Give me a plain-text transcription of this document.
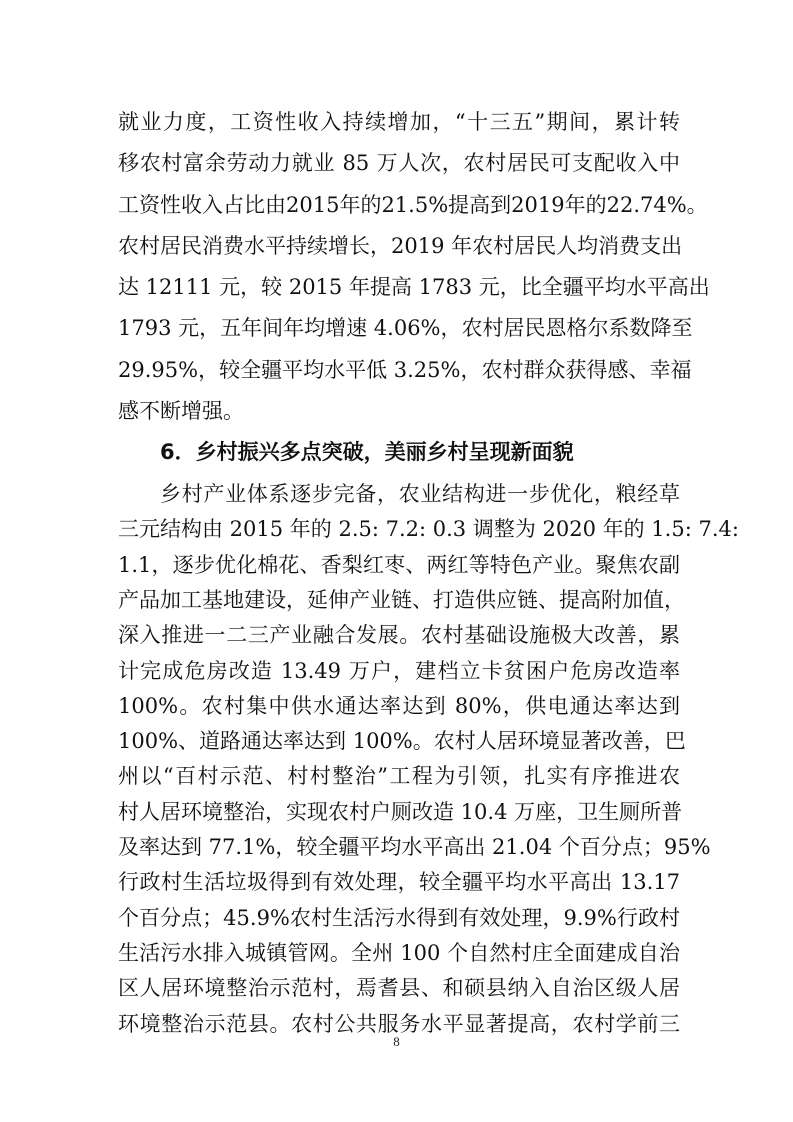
就业力度，工资性收入持续增加，“十三五”期间，累计转
移农村富余劳动力就业 85 万人次，农村居民可支配收入中
工资性收入占比由2015年的21.5%提高到2019年的22.74%。
农村居民消费水平持续增长，2019 年农村居民人均消费支出
达 12111 元，较 2015 年提高 1783 元，比全疆平均水平高出
1793 元，五年间年均增速 4.06%，农村居民恩格尔系数降至
29.95%，较全疆平均水平低 3.25%，农村群众获得感、幸福
感不断增强。
6．乡村振兴多点突破，美丽乡村呈现新面貌
乡村产业体系逐步完备，农业结构进一步优化，粮经草
三元结构由 2015 年的 2.5: 7.2: 0.3 调整为 2020 年的 1.5: 7.4:
1.1，逐步优化棉花、香梨红枣、两红等特色产业。聚焦农副
产品加工基地建设，延伸产业链、打造供应链、提高附加值，
深入推进一二三产业融合发展。农村基础设施极大改善，累
计完成危房改造 13.49 万户，建档立卡贫困户危房改造率
100%。农村集中供水通达率达到 80%，供电通达率达到
100%、道路通达率达到 100%。农村人居环境显著改善，巴
州以“百村示范、村村整治”工程为引领，扎实有序推进农
村人居环境整治，实现农村户厕改造 10.4 万座，卫生厕所普
及率达到 77.1%，较全疆平均水平高出 21.04 个百分点；95%
行政村生活垃圾得到有效处理，较全疆平均水平高出 13.17
个百分点；45.9%农村生活污水得到有效处理，9.9%行政村
生活污水排入城镇管网。全州 100 个自然村庄全面建成自治
区人居环境整治示范村，焉耆县、和硕县纳入自治区级人居
环境整治示范县。农村公共服务水平显著提高，农村学前三
8
